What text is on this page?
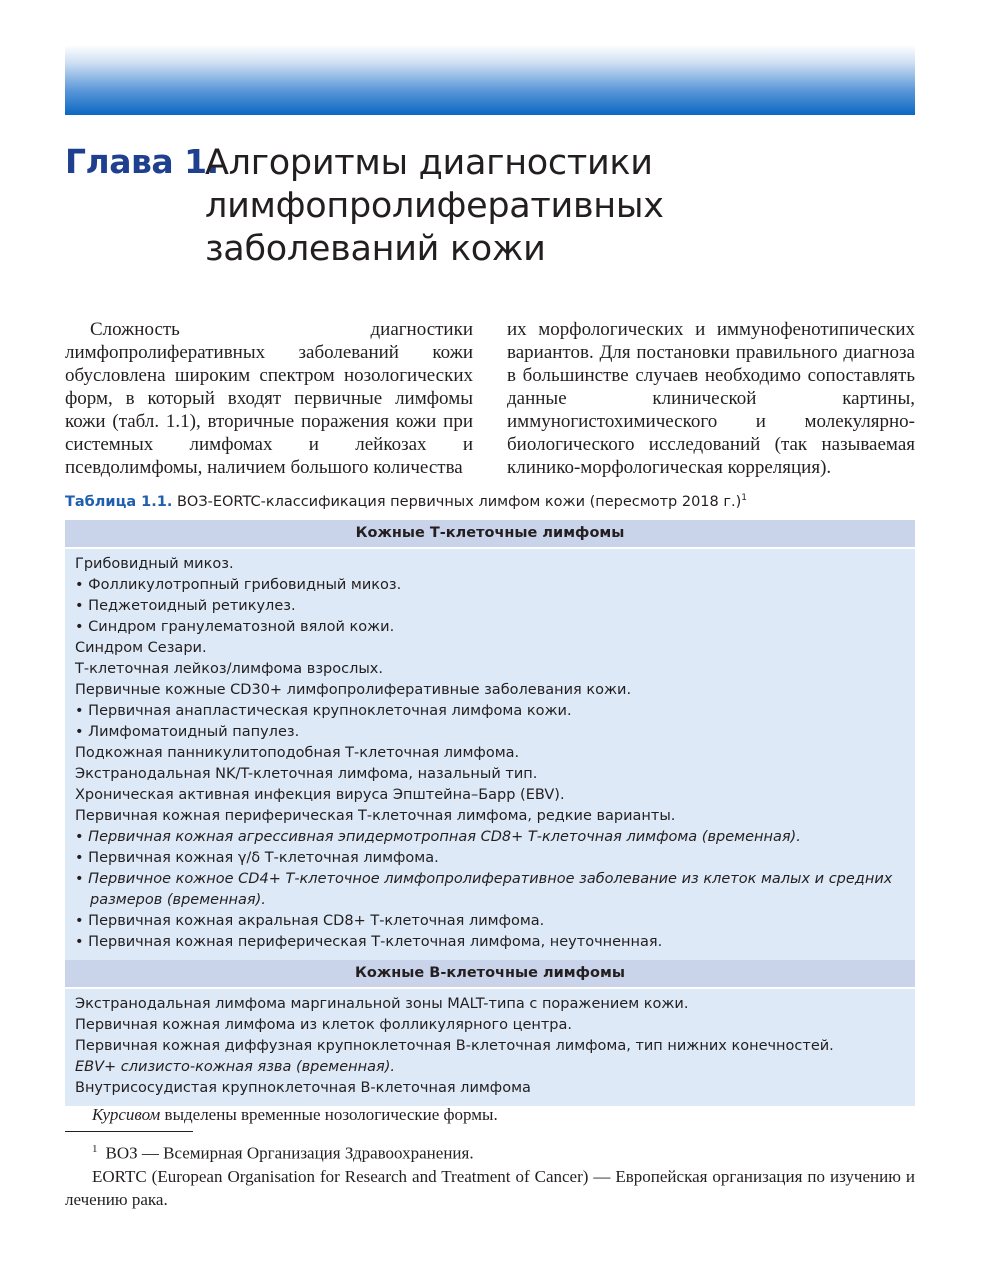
Глава 1.
Алгоритмы диагностики
лимфопролиферативных
заболеваний кожи

Сложность диагностики лимфопролиферативных заболеваний кожи обусловлена широким спектром нозологических форм, в который входят первичные лимфомы кожи (табл. 1.1), вторичные поражения кожи при системных лимфомах и лейкозах и псевдолимфомы, наличием большого количества

их морфологических и иммунофенотипических вариантов. Для постановки правильного диагноза в большинстве случаев необходимо сопоставлять данные клинической картины, иммуногистохимического и молекулярно-биологического исследований (так называемая клинико-морфологическая корреляция).

Таблица 1.1. ВОЗ-EORTC-классификация первичных лимфом кожи (пересмотр 2018 г.)$^1$
Кожные Т-клеточные лимфомы
Грибовидный микоз.
• Фолликулотропный грибовидный микоз.
• Педжетоидный ретикулез.
• Синдром гранулематозной вялой кожи.
Синдром Сезари.
Т-клеточная лейкоз/лимфома взрослых.
Первичные кожные CD30+ лимфопролиферативные заболевания кожи.
• Первичная анапластическая крупноклеточная лимфома кожи.
• Лимфоматоидный папулез.
Подкожная панникулитоподобная Т-клеточная лимфома.
Экстранодальная NK/T-клеточная лимфома, назальный тип.
Хроническая активная инфекция вируса Эпштейна–Барр (EBV).
Первичная кожная периферическая Т-клеточная лимфома, редкие варианты.
• Первичная кожная агрессивная эпидермотропная CD8+ Т-клеточная лимфома (временная).
• Первичная кожная γ/δ Т-клеточная лимфома.
• Первичное кожное CD4+ Т-клеточное лимфопролиферативное заболевание из клеток малых и средних размеров (временная).
• Первичная кожная акральная CD8+ Т-клеточная лимфома.
• Первичная кожная периферическая Т-клеточная лимфома, неуточненная.
Кожные В-клеточные лимфомы
Экстранодальная лимфома маргинальной зоны MALT-типа с поражением кожи.
Первичная кожная лимфома из клеток фолликулярного центра.
Первичная кожная диффузная крупноклеточная В-клеточная лимфома, тип нижних конечностей.
EBV+ слизисто-кожная язва (временная).
Внутрисосудистая крупноклеточная В-клеточная лимфома
Курсивом выделены временные нозологические формы.

$^1$ ВОЗ — Всемирная Организация Здравоохранения.

EORTC (European Organisation for Research and Treatment of Cancer) — Европейская организация по изучению и лечению рака.
